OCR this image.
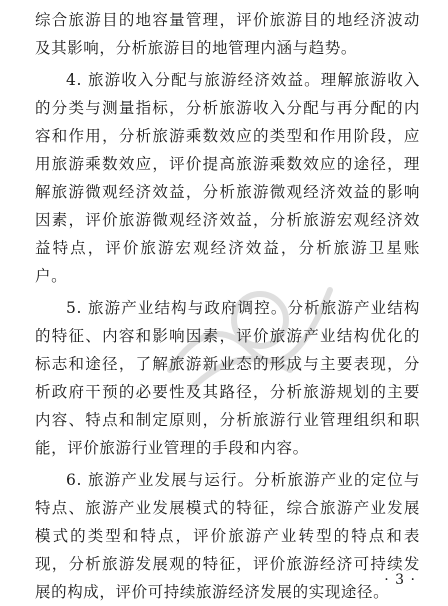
综合旅游目的地容量管理，评价旅游目的地经济波动及其影响，分析旅游目的地管理内涵与趋势。

4. 旅游收入分配与旅游经济效益。理解旅游收入的分类与测量指标，分析旅游收入分配与再分配的内容和作用，分析旅游乘数效应的类型和作用阶段，应用旅游乘数效应，评价提高旅游乘数效应的途径，理解旅游微观经济效益，分析旅游微观经济效益的影响因素，评价旅游微观经济效益，分析旅游宏观经济效益特点，评价旅游宏观经济效益，分析旅游卫星账户。

5. 旅游产业结构与政府调控。分析旅游产业结构的特征、内容和影响因素，评价旅游产业结构优化的标志和途径，了解旅游新业态的形成与主要表现，分析政府干预的必要性及其路径，分析旅游规划的主要内容、特点和制定原则，分析旅游行业管理组织和职能，评价旅游行业管理的手段和内容。

6. 旅游产业发展与运行。分析旅游产业的定位与特点、旅游产业发展模式的特征，综合旅游产业发展模式的类型和特点，评价旅游产业转型的特点和表现，分析旅游发展观的特征，评价旅游经济可持续发展的构成，评价可持续旅游经济发展的实现途径。

· 3 ·
